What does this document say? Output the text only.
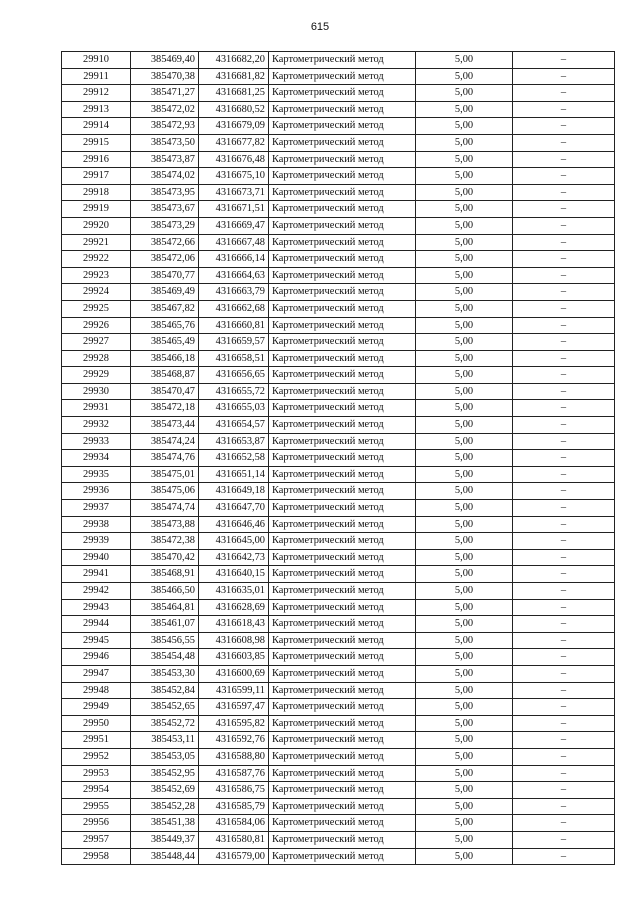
615
29910	385469,40	4316682,20	Картометрический метод	5,00	–
29911	385470,38	4316681,82	Картометрический метод	5,00	–
29912	385471,27	4316681,25	Картометрический метод	5,00	–
29913	385472,02	4316680,52	Картометрический метод	5,00	–
29914	385472,93	4316679,09	Картометрический метод	5,00	–
29915	385473,50	4316677,82	Картометрический метод	5,00	–
29916	385473,87	4316676,48	Картометрический метод	5,00	–
29917	385474,02	4316675,10	Картометрический метод	5,00	–
29918	385473,95	4316673,71	Картометрический метод	5,00	–
29919	385473,67	4316671,51	Картометрический метод	5,00	–
29920	385473,29	4316669,47	Картометрический метод	5,00	–
29921	385472,66	4316667,48	Картометрический метод	5,00	–
29922	385472,06	4316666,14	Картометрический метод	5,00	–
29923	385470,77	4316664,63	Картометрический метод	5,00	–
29924	385469,49	4316663,79	Картометрический метод	5,00	–
29925	385467,82	4316662,68	Картометрический метод	5,00	–
29926	385465,76	4316660,81	Картометрический метод	5,00	–
29927	385465,49	4316659,57	Картометрический метод	5,00	–
29928	385466,18	4316658,51	Картометрический метод	5,00	–
29929	385468,87	4316656,65	Картометрический метод	5,00	–
29930	385470,47	4316655,72	Картометрический метод	5,00	–
29931	385472,18	4316655,03	Картометрический метод	5,00	–
29932	385473,44	4316654,57	Картометрический метод	5,00	–
29933	385474,24	4316653,87	Картометрический метод	5,00	–
29934	385474,76	4316652,58	Картометрический метод	5,00	–
29935	385475,01	4316651,14	Картометрический метод	5,00	–
29936	385475,06	4316649,18	Картометрический метод	5,00	–
29937	385474,74	4316647,70	Картометрический метод	5,00	–
29938	385473,88	4316646,46	Картометрический метод	5,00	–
29939	385472,38	4316645,00	Картометрический метод	5,00	–
29940	385470,42	4316642,73	Картометрический метод	5,00	–
29941	385468,91	4316640,15	Картометрический метод	5,00	–
29942	385466,50	4316635,01	Картометрический метод	5,00	–
29943	385464,81	4316628,69	Картометрический метод	5,00	–
29944	385461,07	4316618,43	Картометрический метод	5,00	–
29945	385456,55	4316608,98	Картометрический метод	5,00	–
29946	385454,48	4316603,85	Картометрический метод	5,00	–
29947	385453,30	4316600,69	Картометрический метод	5,00	–
29948	385452,84	4316599,11	Картометрический метод	5,00	–
29949	385452,65	4316597,47	Картометрический метод	5,00	–
29950	385452,72	4316595,82	Картометрический метод	5,00	–
29951	385453,11	4316592,76	Картометрический метод	5,00	–
29952	385453,05	4316588,80	Картометрический метод	5,00	–
29953	385452,95	4316587,76	Картометрический метод	5,00	–
29954	385452,69	4316586,75	Картометрический метод	5,00	–
29955	385452,28	4316585,79	Картометрический метод	5,00	–
29956	385451,38	4316584,06	Картометрический метод	5,00	–
29957	385449,37	4316580,81	Картометрический метод	5,00	–
29958	385448,44	4316579,00	Картометрический метод	5,00	–
